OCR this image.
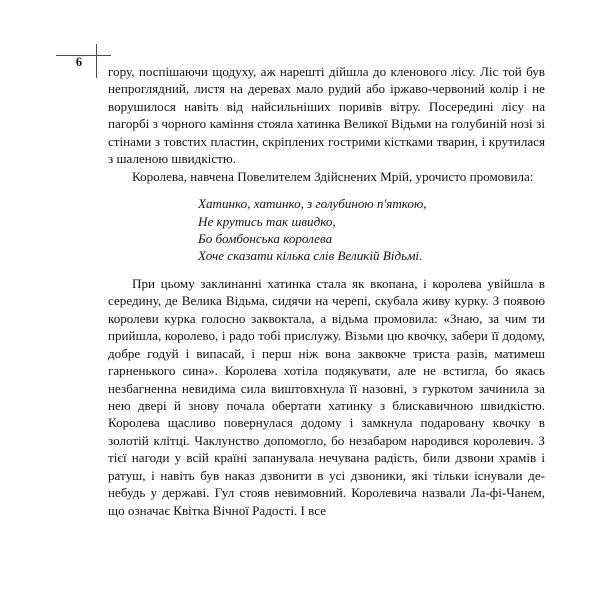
6

гору, поспішаючи щодуху, аж нарешті дійшла до кленового лісу. Ліс той був непроглядний, листя на деревах мало рудий або іржаво-червоний колір і не ворушилося навіть від найсильніших поривів вітру. Посередині лісу на пагорбі з чорного каміння стояла хатинка Великої Відьми на голубиній нозі зі стінами з товстих пластин, скріплених гострими кістками тварин, і крутилася з шаленою швидкістю.

Королева, навчена Повелителем Здійснених Мрій, урочисто промовила:

Хатинко, хатинко, з голубиною п'яткою,
Не крутись так швидко,
Бо бомбонська королева
Хоче сказати кілька слів Великій Відьмі.

При цьому заклинанні хатинка стала як вкопана, і королева увійшла в середину, де Велика Відьма, сидячи на черепі, скубала живу курку. З появою королеви курка голосно заквоктала, а відьма промовила: «Знаю, за чим ти прийшла, королево, і радо тобі прислужу. Візьми цю квочку, забери її додому, добре годуй і випасай, і перш ніж вона заквокче триста разів, матимеш гарненького сина». Королева хотіла подякувати, але не встигла, бо якась незбагненна невидима сила виштовхнула її назовні, з гуркотом зачинила за нею двері й знову почала обертати хатинку з блискавичною швидкістю. Королева щасливо повернулася додому і замкнула подаровану квочку в золотій клітці. Чаклунство допомогло, бо незабаром народився королевич. З тієї нагоди у всій країні запанувала нечувана радість, били дзвони храмів і ратуш, і навіть був наказ дзвонити в усі дзвоники, які тільки існували де-небудь у державі. Гул стояв невимовний. Королевича назвали Ла-фі-Чанем, що означає Квітка Вічної Радості. І все
